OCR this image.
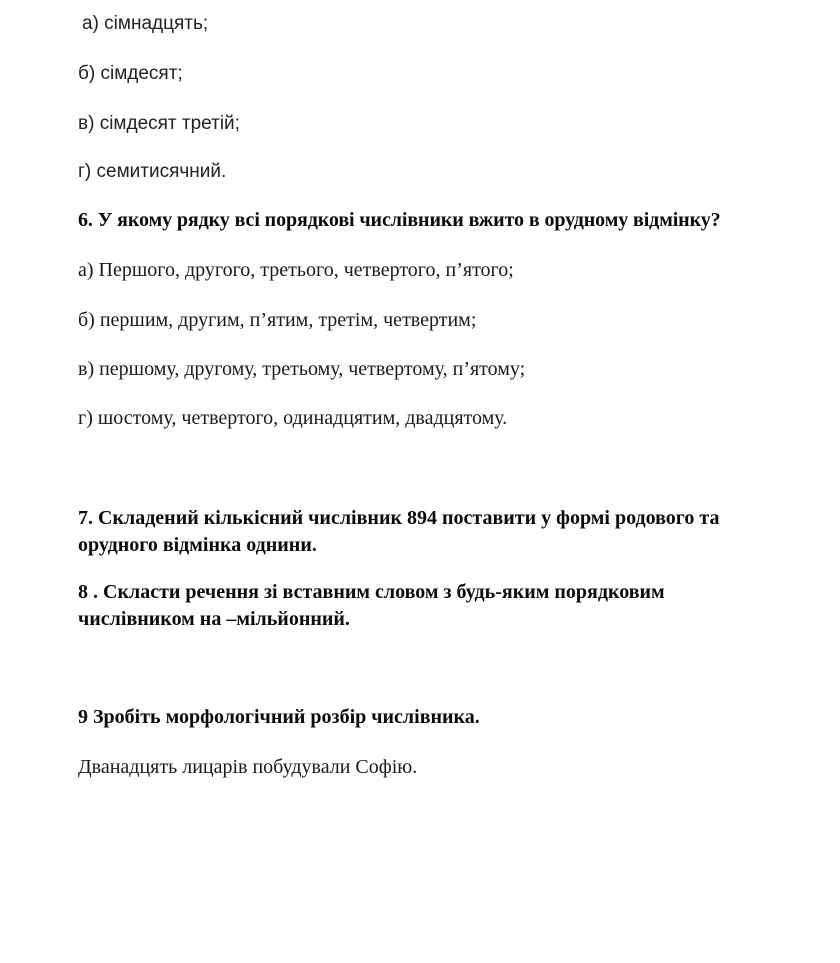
а) сімнадцять;
б) сімдесят;
в) сімдесят третій;
г) семитисячний.
6. У якому рядку всі порядкові числівники вжито в орудному відмінку?
а) Першого, другого, третього, четвертого, п’ятого;
б) першим, другим, п’ятим, третім, четвертим;
в) першому, другому, третьому, четвертому, п’ятому;
г) шостому, четвертого, одинадцятим, двадцятому.
7. Складений кількісний числівник 894 поставити у формі родового та
орудного відмінка однини.
8 . Скласти речення зі вставним словом з будь-яким порядковим
числівником на –мільйонний.
9 Зробіть морфологічний розбір числівника.
Дванадцять лицарів побудували Софію.
